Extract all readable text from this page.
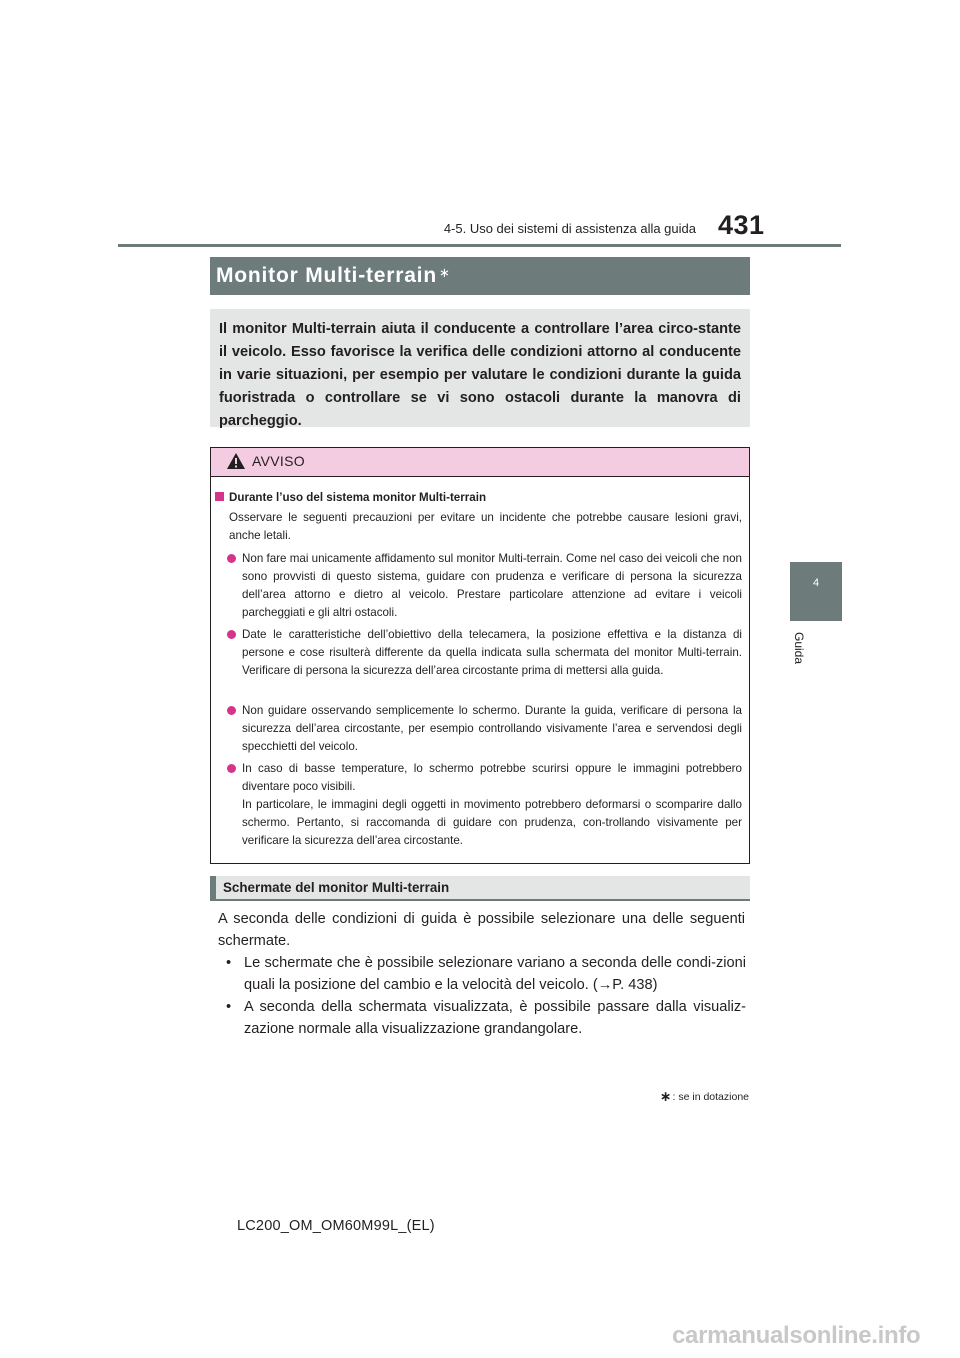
4-5. Uso dei sistemi di assistenza alla guida 431
4
Guida
Monitor Multi-terrain ∗
Il monitor Multi-terrain aiuta il conducente a controllare l’area circo-stante il veicolo. Esso favorisce la verifica delle condizioni attorno al conducente in varie situazioni, per esempio per valutare le condizioni durante la guida fuoristrada o controllare se vi sono ostacoli durante la manovra di parcheggio.
AVVISO
Durante l’uso del sistema monitor Multi-terrain
Osservare le seguenti precauzioni per evitare un incidente che potrebbe causare lesioni gravi, anche letali.
Non fare mai unicamente affidamento sul monitor Multi-terrain. Come nel caso dei veicoli che non sono provvisti di questo sistema, guidare con prudenza e verificare di persona la sicurezza dell’area attorno e dietro al veicolo. Prestare particolare attenzione ad evitare i veicoli parcheggiati e gli altri ostacoli.
Date le caratteristiche dell’obiettivo della telecamera, la posizione effettiva e la distanza di persone e cose risulterà differente da quella indicata sulla schermata del monitor Multi-terrain. Verificare di persona la sicurezza dell’area circostante prima di mettersi alla guida.
Non guidare osservando semplicemente lo schermo. Durante la guida, verificare di persona la sicurezza dell’area circostante, per esempio controllando visivamente l’area e servendosi degli specchietti del veicolo.

In caso di basse temperature, lo schermo potrebbe scurirsi oppure le immagini potrebbero diventare poco visibili.

In particolare, le immagini degli oggetti in movimento potrebbero deformarsi o scomparire dallo schermo. Pertanto, si raccomanda di guidare con prudenza, con-trollando visivamente per verificare la sicurezza dell’area circostante.

Schermate del monitor Multi-terrain
A seconda delle condizioni di guida è possibile selezionare una delle seguenti schermate.
• Le schermate che è possibile selezionare variano a seconda delle condi-zioni quali la posizione del cambio e la velocità del veicolo. (→P. 438)
• A seconda della schermata visualizzata, è possibile passare dalla visualiz-zazione normale alla visualizzazione grandangolare.
∗: se in dotazione
LC200_OM_OM60M99L_(EL)
carmanualsonline.info
